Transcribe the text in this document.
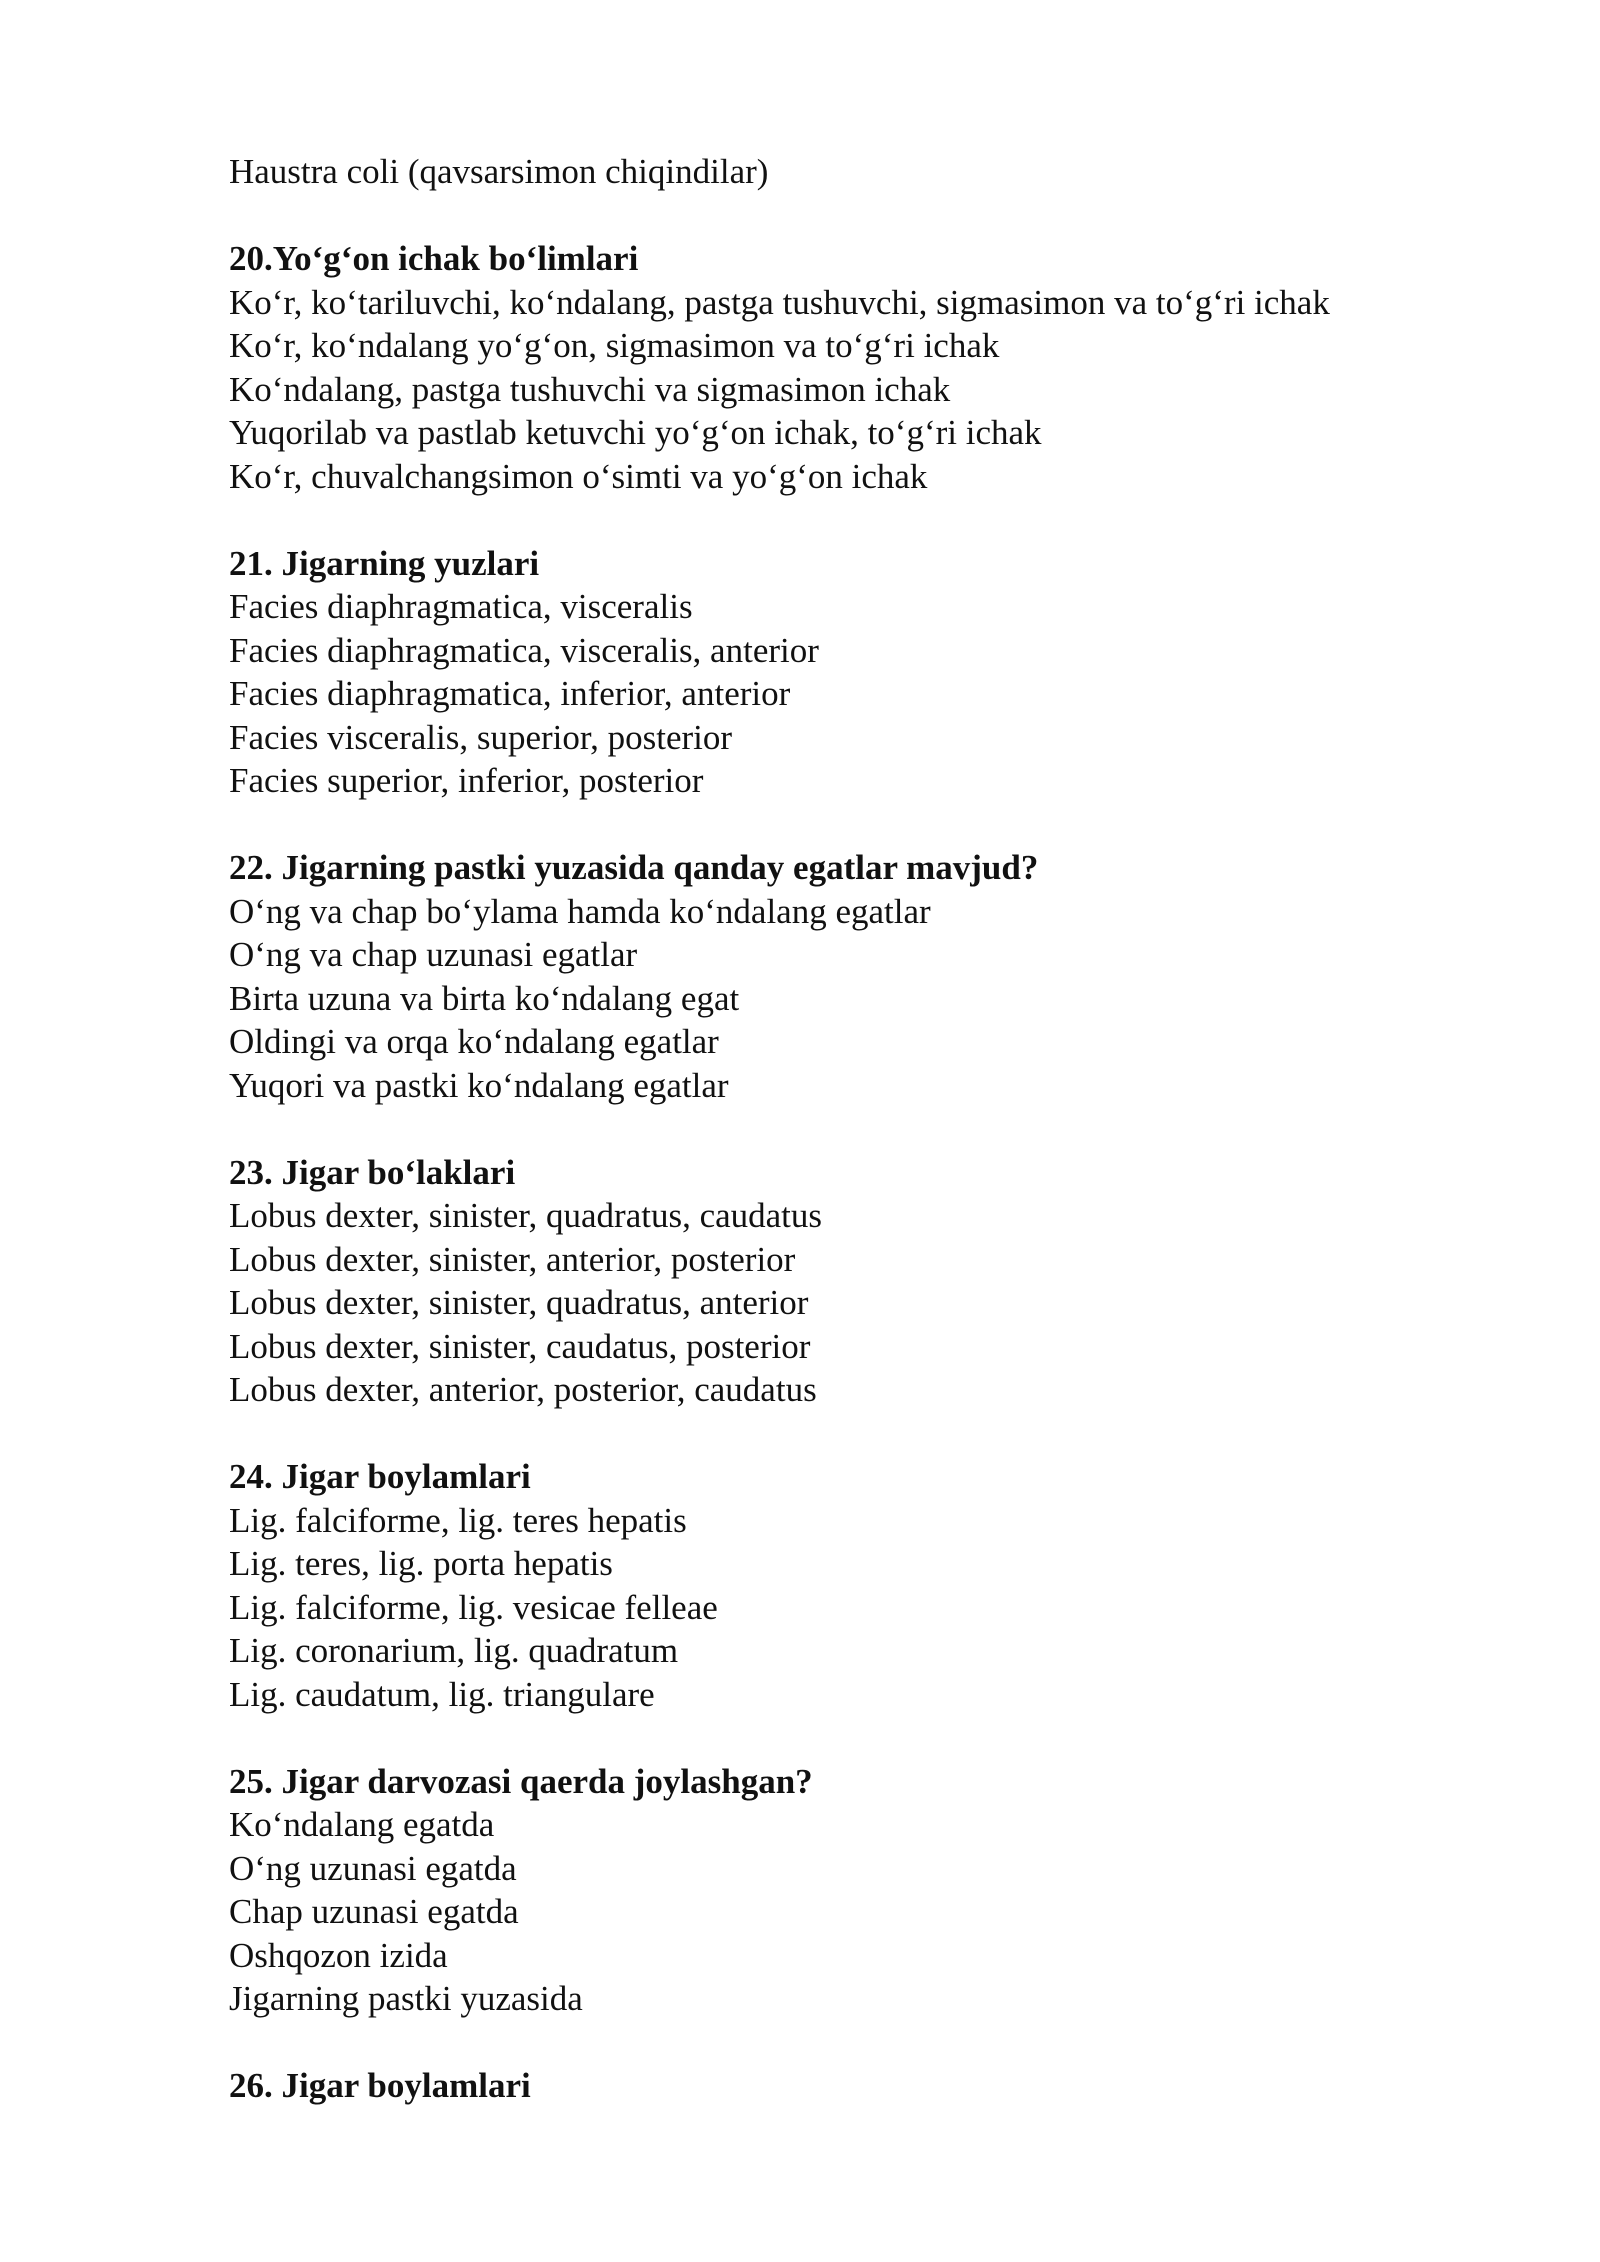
Haustra coli (qavsarsimon chiqindilar)
20.Yo‘g‘on ichak bo‘limlari
Ko‘r, ko‘tariluvchi, ko‘ndalang, pastga tushuvchi, sigmasimon va to‘g‘ri ichak
Ko‘r, ko‘ndalang yo‘g‘on, sigmasimon va to‘g‘ri ichak
Ko‘ndalang, pastga tushuvchi va sigmasimon ichak
Yuqorilab va pastlab ketuvchi yo‘g‘on ichak, to‘g‘ri ichak
Ko‘r, chuvalchangsimon o‘simti va yo‘g‘on ichak
21. Jigarning yuzlari
Facies diaphragmatica, visceralis
Facies diaphragmatica, visceralis, anterior
Facies diaphragmatica, inferior, anterior
Facies visceralis, superior, posterior
Facies superior, inferior, posterior
22. Jigarning pastki yuzasida qanday egatlar mavjud?
O‘ng va chap bo‘ylama hamda ko‘ndalang egatlar
O‘ng va chap uzunasi egatlar
Birta uzuna va birta ko‘ndalang egat
Oldingi va orqa ko‘ndalang egatlar
Yuqori va pastki ko‘ndalang egatlar
23. Jigar bo‘laklari
Lobus dexter, sinister, quadratus, caudatus
Lobus dexter, sinister, anterior, posterior
Lobus dexter, sinister, quadratus, anterior
Lobus dexter, sinister, caudatus, posterior
Lobus dexter, anterior, posterior, caudatus
24. Jigar boylamlari
Lig. falciforme, lig. teres hepatis
Lig. teres, lig. porta hepatis
Lig. falciforme, lig. vesicae felleae
Lig. coronarium, lig. quadratum
Lig. caudatum, lig. triangulare
25. Jigar darvozasi qaerda joylashgan?
Ko‘ndalang egatda
O‘ng uzunasi egatda
Chap uzunasi egatda
Oshqozon izida
Jigarning pastki yuzasida
26. Jigar boylamlari
